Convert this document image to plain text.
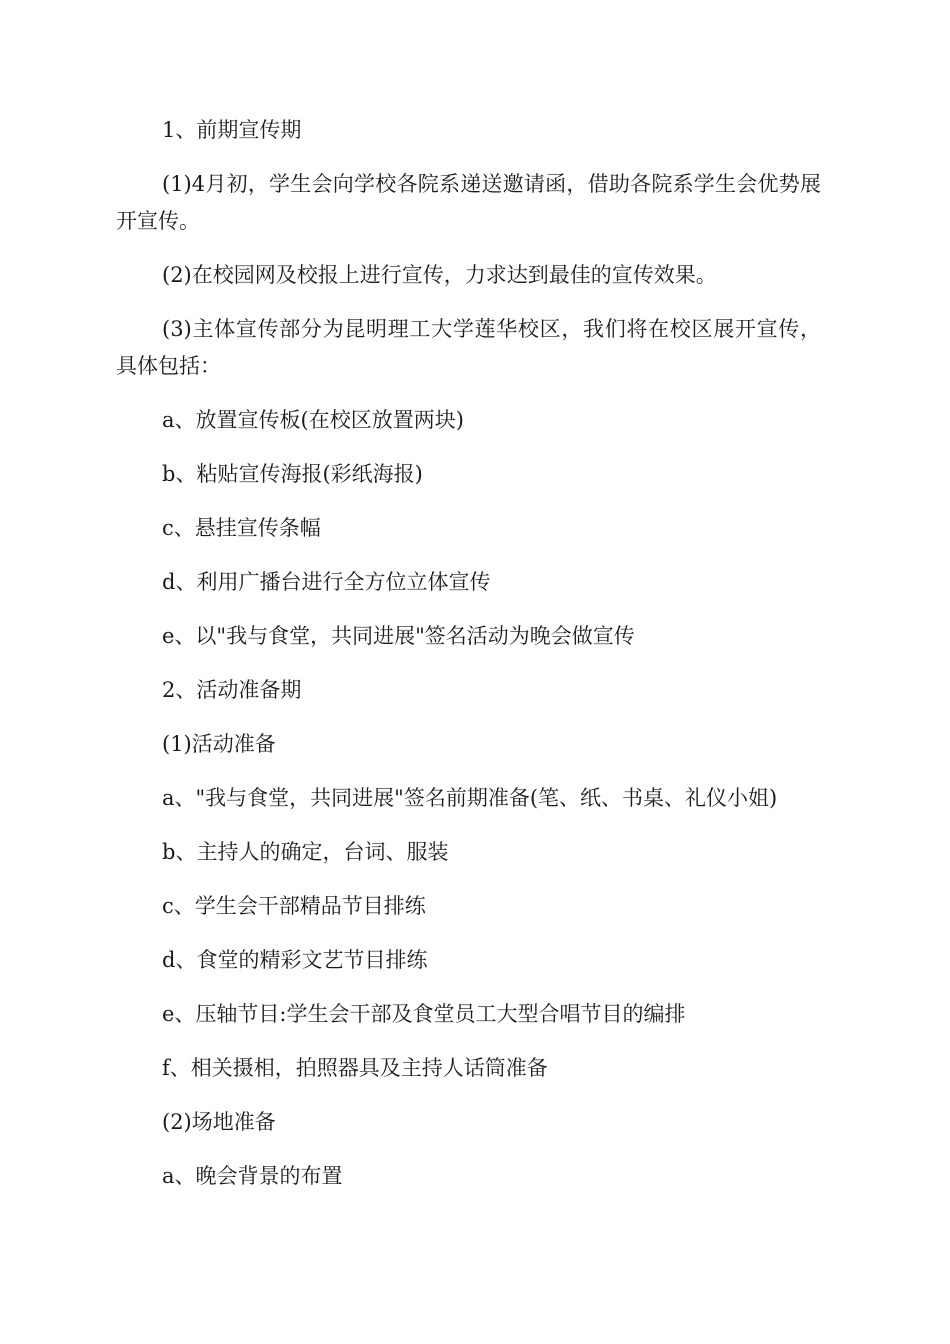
1、前期宣传期

(1)4月初，学生会向学校各院系递送邀请函，借助各院系学生会优势展开宣传。

(2)在校园网及校报上进行宣传，力求达到最佳的宣传效果。

(3)主体宣传部分为昆明理工大学莲华校区，我们将在校区展开宣传，具体包括：

a、放置宣传板(在校区放置两块)

b、粘贴宣传海报(彩纸海报)

c、悬挂宣传条幅

d、利用广播台进行全方位立体宣传

e、以"我与食堂，共同进展"签名活动为晚会做宣传

2、活动准备期

(1)活动准备

a、"我与食堂，共同进展"签名前期准备(笔、纸、书桌、礼仪小姐)

b、主持人的确定，台词、服装

c、学生会干部精品节目排练

d、食堂的精彩文艺节目排练

e、压轴节目:学生会干部及食堂员工大型合唱节目的编排

f、相关摄相，拍照器具及主持人话筒准备

(2)场地准备

a、晚会背景的布置
